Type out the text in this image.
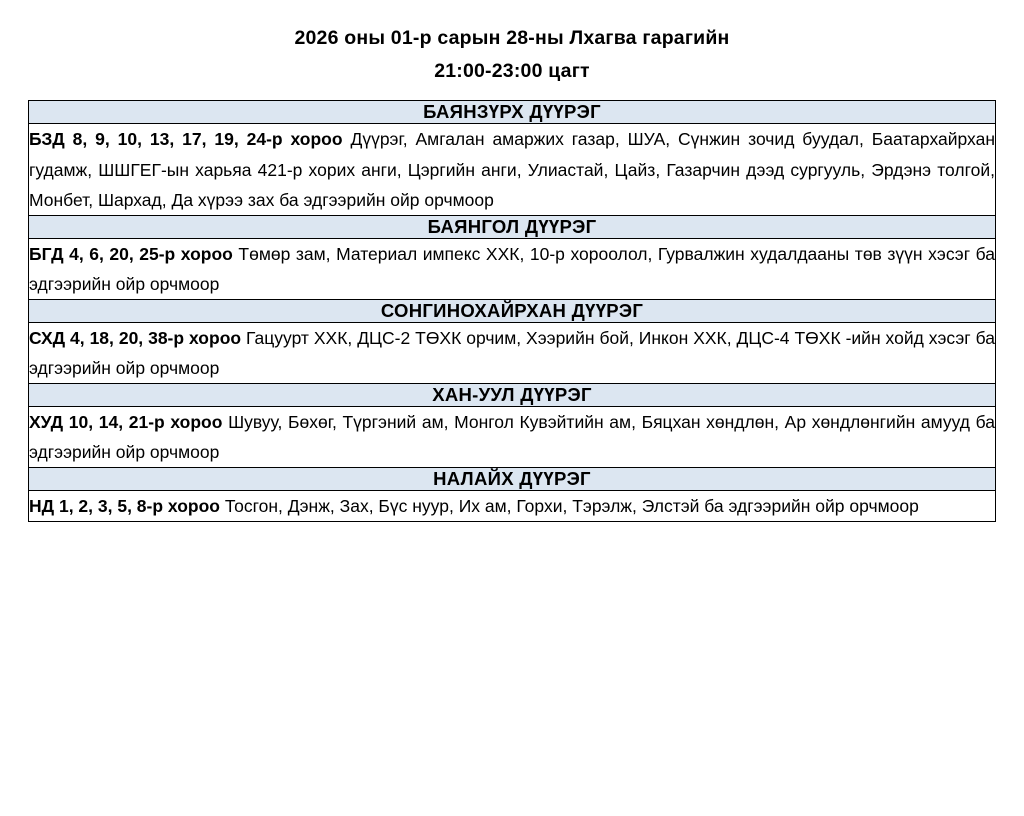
2026 оны 01-р сарын 28-ны Лхагва гарагийн
21:00-23:00 цагт
БАЯНЗҮРХ ДҮҮРЭГ
БЗД 8, 9, 10, 13, 17, 19, 24-р хороо Дүүрэг, Амгалан амаржих газар, ШУА, Сүнжин зочид буудал, Баатархайрхан гудамж, ШШГЕГ-ын харьяа 421-р хорих анги, Цэргийн анги, Улиастай, Цайз, Газарчин дээд сургууль, Эрдэнэ толгой, Монбет, Шархад, Да хүрээ зах ба эдгээрийн ойр орчмоор
БАЯНГОЛ ДҮҮРЭГ
БГД 4, 6, 20, 25-р хороо Төмөр зам, Материал импекс ХХК, 10-р хороолол, Гурвалжин худалдааны төв зүүн хэсэг ба эдгээрийн ойр орчмоор
СОНГИНОХАЙРХАН ДҮҮРЭГ
СХД 4, 18, 20, 38-р хороо Гацуурт ХХК, ДЦС-2 ТӨХК орчим, Хээрийн бой, Инкон ХХК, ДЦС-4 ТӨХК -ийн хойд хэсэг ба эдгээрийн ойр орчмоор
ХАН-УУЛ ДҮҮРЭГ
ХУД 10, 14, 21-р хороо Шувуу, Бөхөг, Түргэний ам, Монгол Кувэйтийн ам, Бяцхан хөндлөн, Ар хөндлөнгийн амууд ба эдгээрийн ойр орчмоор
НАЛАЙХ ДҮҮРЭГ
НД 1, 2, 3, 5, 8-р хороо Тосгон, Дэнж, Зах, Бүс нуур, Их ам, Горхи, Тэрэлж, Элстэй ба эдгээрийн ойр орчмоор
